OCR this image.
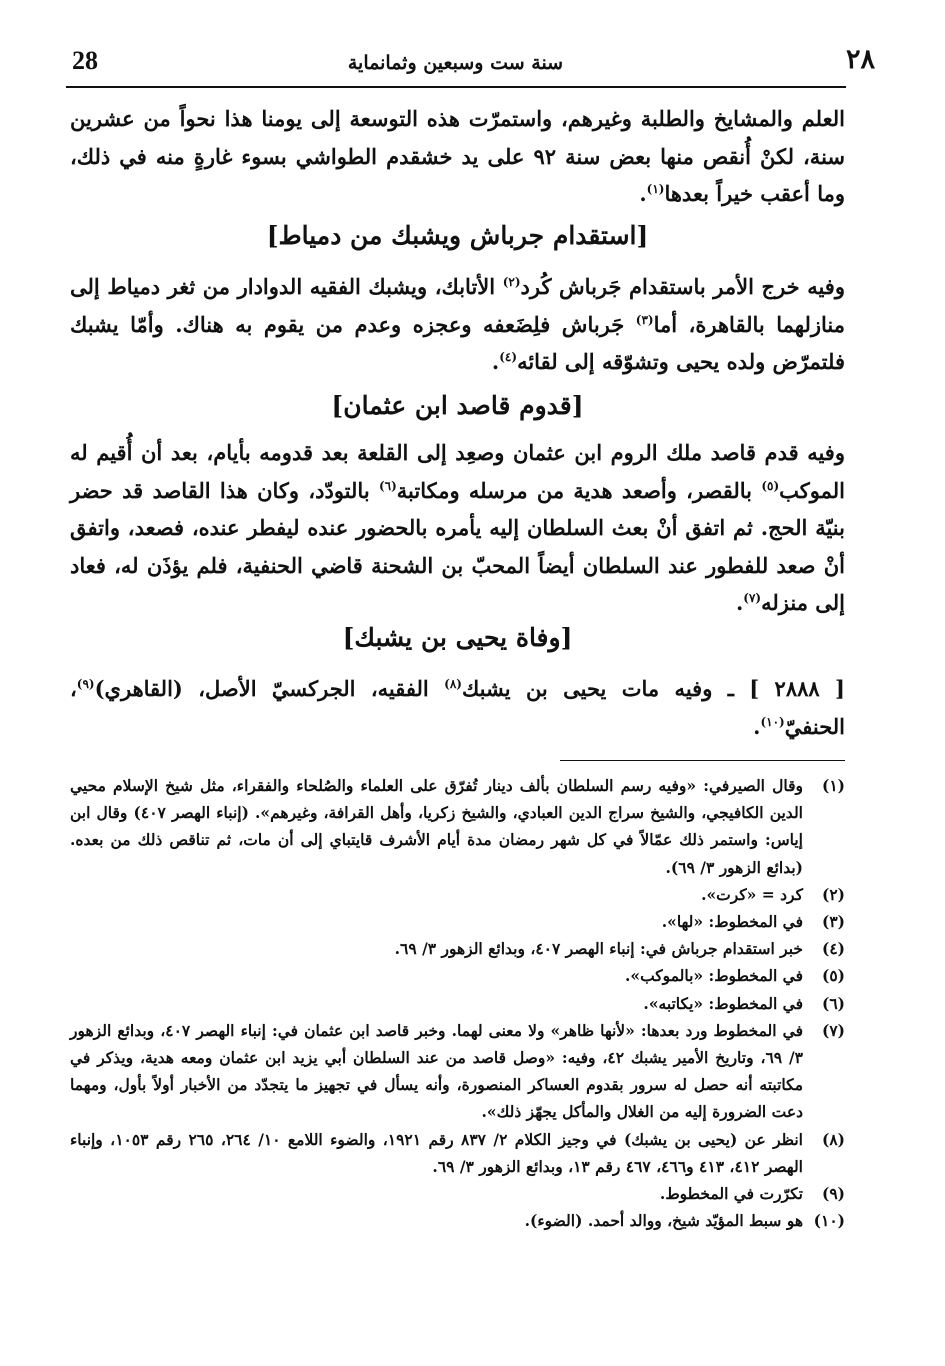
28	سنة ست وسبعين وثمانماية	٢٨

العلم والمشايخ والطلبة وغيرهم، واستمرّت هذه التوسعة إلى يومنا هذا نحواً من عشرين سنة، لكنْ أُنقص منها بعض سنة ٩٢ على يد خشقدم الطواشي بسوء غارةٍ منه في ذلك، وما أعقب خيراً بعدها$^{(١)}$.

[استقدام جرباش ويشبك من دمياط]

وفيه خرج الأمر باستقدام جَرباش كُرد$^{(٢)}$ الأتابك، ويشبك الفقيه الدوادار من ثغر دمياط إلى منازلهما بالقاهرة، أما$^{(٣)}$ جَرباش فلِضَعفه وعجزه وعدم من يقوم به هناك. وأمّا يشبك فلتمرّض ولده يحيى وتشوّقه إلى لقائه$^{(٤)}$.

[قدوم قاصد ابن عثمان]

وفيه قدم قاصد ملك الروم ابن عثمان وصعِد إلى القلعة بعد قدومه بأيام، بعد أن أُقيم له الموكب$^{(٥)}$ بالقصر، وأصعد هدية من مرسله ومكاتبة$^{(٦)}$ بالتودّد، وكان هذا القاصد قد حضر بنيّة الحج. ثم اتفق أنْ بعث السلطان إليه يأمره بالحضور عنده ليفطر عنده، فصعد، واتفق أنْ صعد للفطور عند السلطان أيضاً المحبّ بن الشحنة قاضي الحنفية، فلم يؤذَن له، فعاد إلى منزله$^{(٧)}$.

[وفاة يحيى بن يشبك]

[ ٢٨٨٨ ] ـ وفيه مات يحيى بن يشبك$^{(٨)}$ الفقيه، الجركسيّ الأصل، (القاهري)$^{(٩)}$، الحنفيّ$^{(١٠)}$.

(١)
وقال الصيرفي: «وفيه رسم السلطان بألف دينار تُفرّق على العلماء والصُلحاء والفقراء، مثل شيخ الإسلام محيي الدين الكافيجي، والشيخ سراج الدين العبادي، والشيخ زكريا، وأهل القرافة، وغيرهم». (إنباء الهصر ٤٠٧) وقال ابن إياس: واستمر ذلك عمّالاً في كل شهر رمضان مدة أيام الأشرف قايتباي إلى أن مات، ثم تناقص ذلك من بعده. (بدائع الزهور ٣/ ٦٩).
(٢)
كرد = «كرت».
(٣)
في المخطوط: «لها».
(٤)
خبر استقدام جرباش في: إنباء الهصر ٤٠٧، وبدائع الزهور ٣/ ٦٩.
(٥)
في المخطوط: «بالموكب».
(٦)
في المخطوط: «يكاتبه».
(٧)
في المخطوط ورد بعدها: «لأنها ظاهر» ولا معنى لهما. وخبر قاصد ابن عثمان في: إنباء الهصر ٤٠٧، وبدائع الزهور ٣/ ٦٩، وتاريخ الأمير يشبك ٤٢، وفيه: «وصل قاصد من عند السلطان أبي يزيد ابن عثمان ومعه هدية، ويذكر في مكاتبته أنه حصل له سرور بقدوم العساكر المنصورة، وأنه يسأل في تجهيز ما يتجدّد من الأخبار أولاً بأول، ومهما دعت الضرورة إليه من الغلال والمأكل يجهّز ذلك».
(٨)
انظر عن (يحيى بن يشبك) في وجيز الكلام ٢/ ٨٣٧ رقم ١٩٢١، والضوء اللامع ١٠/ ٢٦٤، ٢٦٥ رقم ١٠٥٣، وإنباء الهصر ٤١٢، ٤١٣ و٤٦٦، ٤٦٧ رقم ١٣، وبدائع الزهور ٣/ ٦٩.
(٩)
تكرّرت في المخطوط.
(١٠)
هو سبط المؤيّد شيخ، ووالد أحمد. (الضوء).
